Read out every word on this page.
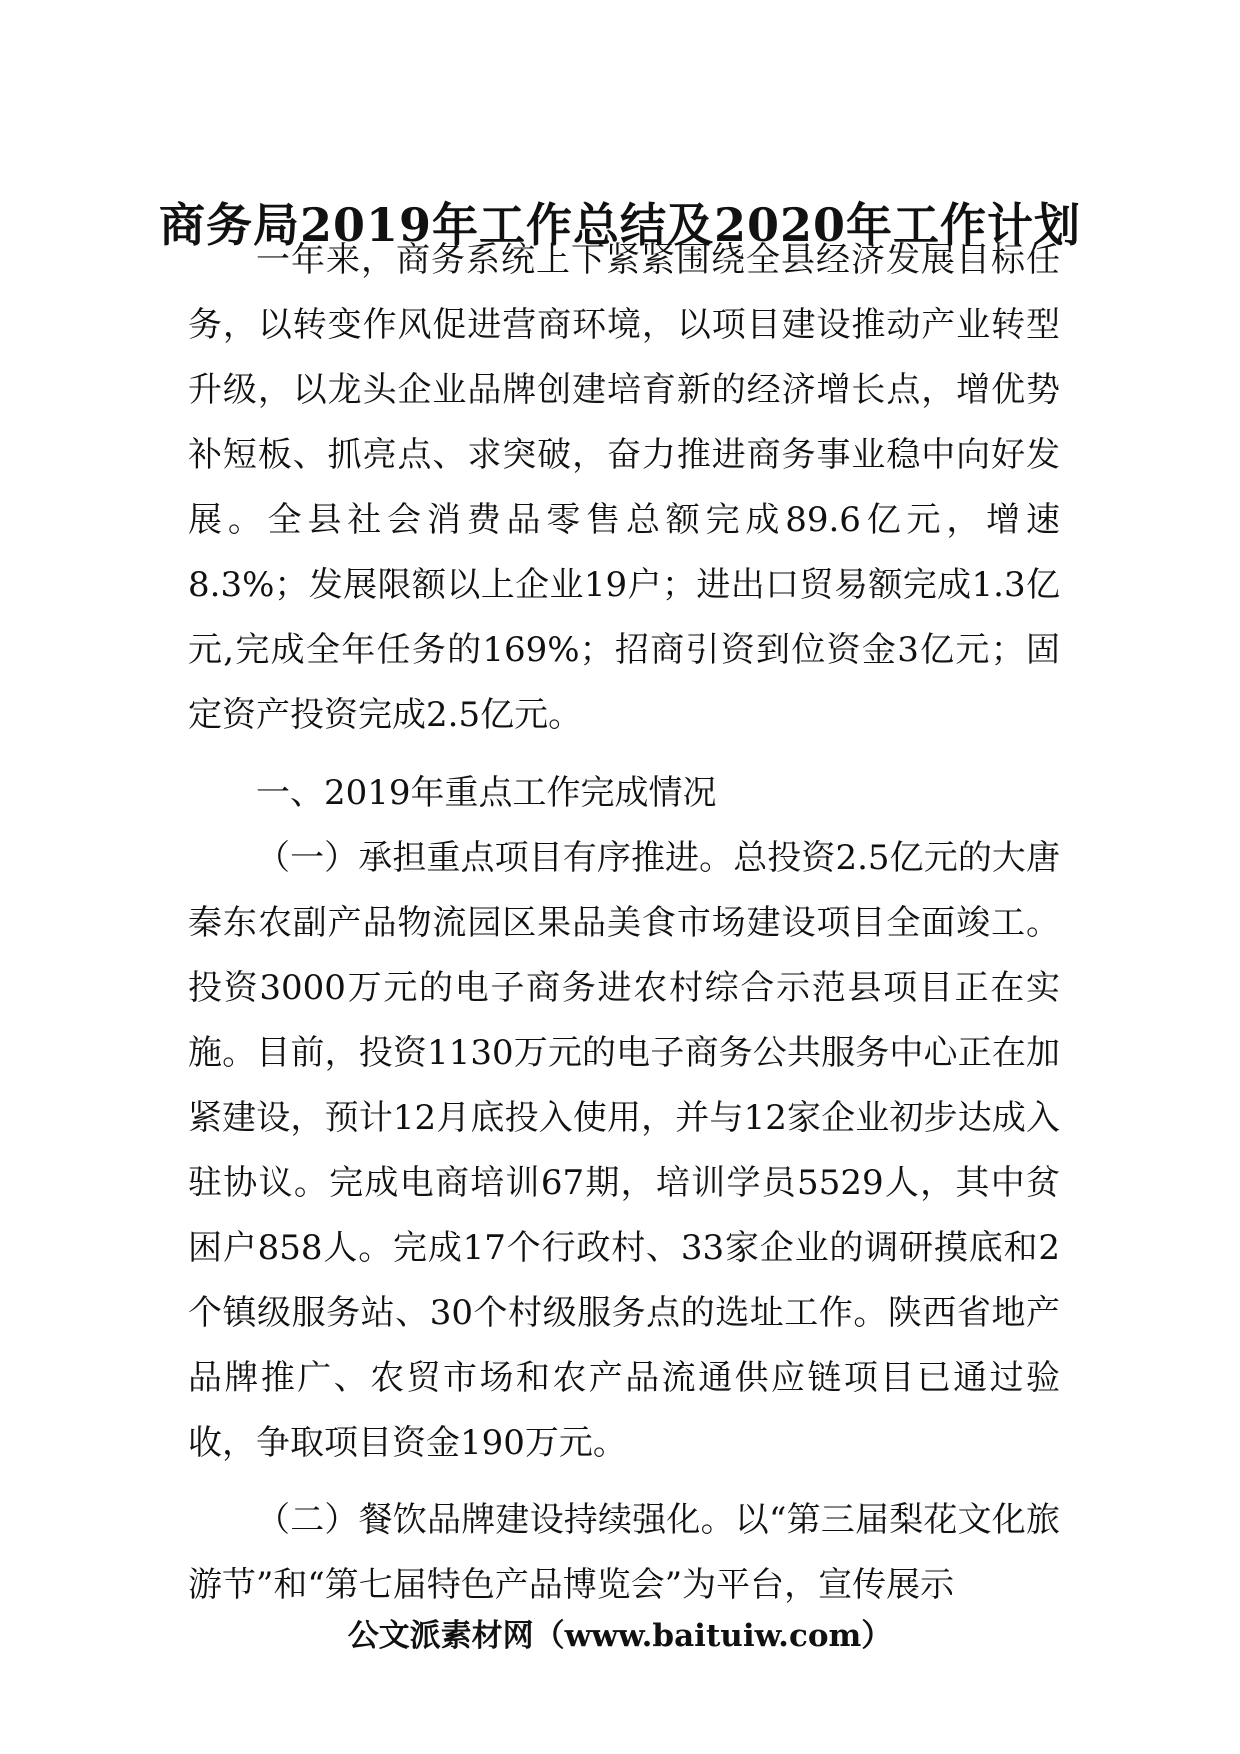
商务局2019年工作总结及2020年工作计划

一年来，商务系统上下紧紧围绕全县经济发展目标任务，以转变作风促进营商环境，以项目建设推动产业转型升级，以龙头企业品牌创建培育新的经济增长点，增优势补短板、抓亮点、求突破，奋力推进商务事业稳中向好发展。全县社会消费品零售总额完成89.6亿元，增速8.3%；发展限额以上企业19户；进出口贸易额完成1.3亿元,完成全年任务的169%；招商引资到位资金3亿元；固定资产投资完成2.5亿元。

一、2019年重点工作完成情况

（一）承担重点项目有序推进。总投资2.5亿元的大唐秦东农副产品物流园区果品美食市场建设项目全面竣工。投资3000万元的电子商务进农村综合示范县项目正在实施。目前，投资1130万元的电子商务公共服务中心正在加紧建设，预计12月底投入使用，并与12家企业初步达成入驻协议。完成电商培训67期，培训学员5529人，其中贫困户858人。完成17个行政村、33家企业的调研摸底和2个镇级服务站、30个村级服务点的选址工作。陕西省地产品牌推广、农贸市场和农产品流通供应链项目已通过验收，争取项目资金190万元。

（二）餐饮品牌建设持续强化。以“第三届梨花文化旅游节”和“第七届特色产品博览会”为平台，宣传展示

公文派素材网（www.baituiw.com）
